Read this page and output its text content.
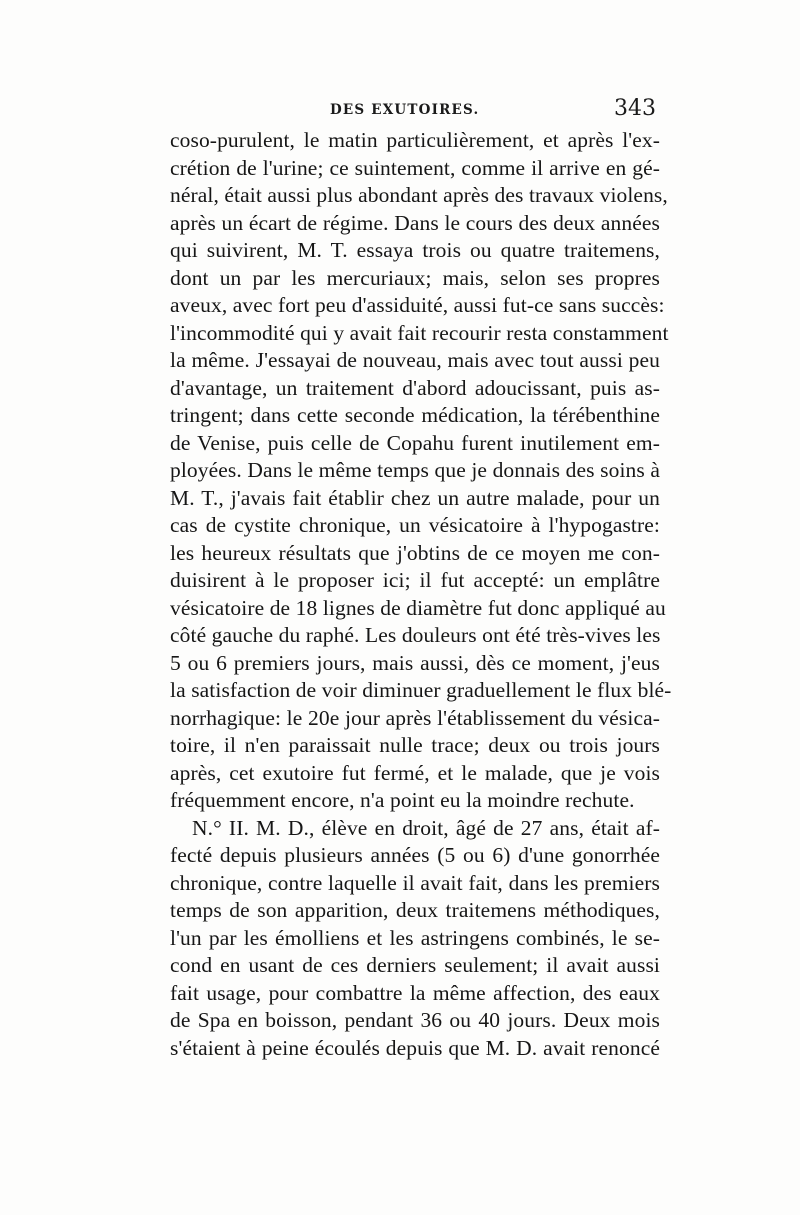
DES EXUTOIRES.	343
coso-purulent, le matin particulièrement, et après l'ex-
crétion de l'urine; ce suintement, comme il arrive en gé-
néral, était aussi plus abondant après des travaux violens,
après un écart de régime. Dans le cours des deux années
qui suivirent, M. T. essaya trois ou quatre traitemens,
dont un par les mercuriaux; mais, selon ses propres
aveux, avec fort peu d'assiduité, aussi fut-ce sans succès:
l'incommodité qui y avait fait recourir resta constamment
la même. J'essayai de nouveau, mais avec tout aussi peu
d'avantage, un traitement d'abord adoucissant, puis as-
tringent; dans cette seconde médication, la térébenthine
de Venise, puis celle de Copahu furent inutilement em-
ployées. Dans le même temps que je donnais des soins à
M. T., j'avais fait établir chez un autre malade, pour un
cas de cystite chronique, un vésicatoire à l'hypogastre:
les heureux résultats que j'obtins de ce moyen me con-
duisirent à le proposer ici; il fut accepté: un emplâtre
vésicatoire de 18 lignes de diamètre fut donc appliqué au
côté gauche du raphé. Les douleurs ont été très-vives les
5 ou 6 premiers jours, mais aussi, dès ce moment, j'eus
la satisfaction de voir diminuer graduellement le flux blé-
norrhagique: le 20e jour après l'établissement du vésica-
toire, il n'en paraissait nulle trace; deux ou trois jours
après, cet exutoire fut fermé, et le malade, que je vois
fréquemment encore, n'a point eu la moindre rechute.
N.° II. M. D., élève en droit, âgé de 27 ans, était af-
fecté depuis plusieurs années (5 ou 6) d'une gonorrhée
chronique, contre laquelle il avait fait, dans les premiers
temps de son apparition, deux traitemens méthodiques,
l'un par les émolliens et les astringens combinés, le se-
cond en usant de ces derniers seulement; il avait aussi
fait usage, pour combattre la même affection, des eaux
de Spa en boisson, pendant 36 ou 40 jours. Deux mois
s'étaient à peine écoulés depuis que M. D. avait renoncé
